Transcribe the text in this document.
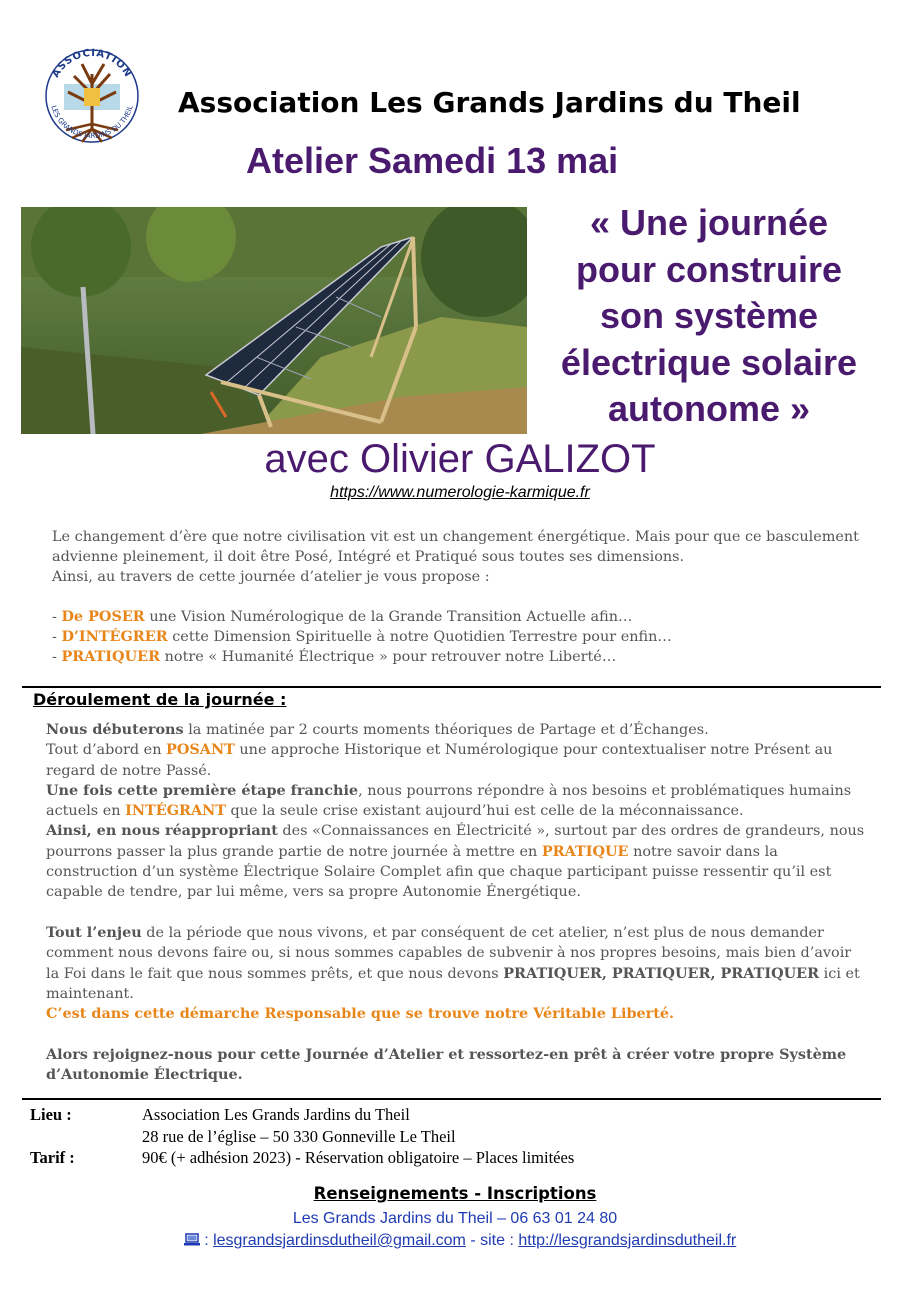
ASSOCIATION
LES GRANDS JARDINS DU THEIL Association Les Grands Jardins du Theil
Atelier Samedi 13 mai
« Une journée
pour construire
son système
électrique solaire
autonome »
avec Olivier GALIZOT
https://www.numerologie-karmique.fr

Le changement d’ère que notre civilisation vit est un changement énergétique. Mais pour que ce basculement

advienne pleinement, il doit être Posé, Intégré et Pratiqué sous toutes ses dimensions.

Ainsi, au travers de cette journée d’atelier je vous propose :

- De POSER une Vision Numérologique de la Grande Transition Actuelle afin…

- D’INTÉGRER cette Dimension Spirituelle à notre Quotidien Terrestre pour enfin…

- PRATIQUER notre « Humanité Électrique » pour retrouver notre Liberté…

Déroulement de la journée :

Nous débuterons la matinée par 2 courts moments théoriques de Partage et d’Échanges.

Tout d’abord en POSANT une approche Historique et Numérologique pour contextualiser notre Présent au

regard de notre Passé.

Une fois cette première étape franchie, nous pourrons répondre à nos besoins et problématiques humains

actuels en INTÉGRANT que la seule crise existant aujourd’hui est celle de la méconnaissance.

Ainsi, en nous réappropriant des «Connaissances en Électricité », surtout par des ordres de grandeurs, nous

pourrons passer la plus grande partie de notre journée à mettre en PRATIQUE notre savoir dans la

construction d’un système Électrique Solaire Complet afin que chaque participant puisse ressentir qu’il est

capable de tendre, par lui même, vers sa propre Autonomie Énergétique.

Tout l’enjeu de la période que nous vivons, et par conséquent de cet atelier, n’est plus de nous demander

comment nous devons faire ou, si nous sommes capables de subvenir à nos propres besoins, mais bien d’avoir

la Foi dans le fait que nous sommes prêts, et que nous devons PRATIQUER, PRATIQUER, PRATIQUER ici et

maintenant.

C’est dans cette démarche Responsable que se trouve notre Véritable Liberté.

Alors rejoignez-nous pour cette Journée d’Atelier et ressortez-en prêt à créer votre propre Système

d’Autonomie Électrique.

Lieu :	Association Les Grands Jardins du Theil
28 rue de l’église – 50 330 Gonneville Le Theil
Tarif :	90€ (+ adhésion 2023) - Réservation obligatoire – Places limitées
Renseignements - Inscriptions
Les Grands Jardins du Theil – 06 63 01 24 80
: lesgrandsjardinsdutheil@gmail.com - site : http://lesgrandsjardinsdutheil.fr
